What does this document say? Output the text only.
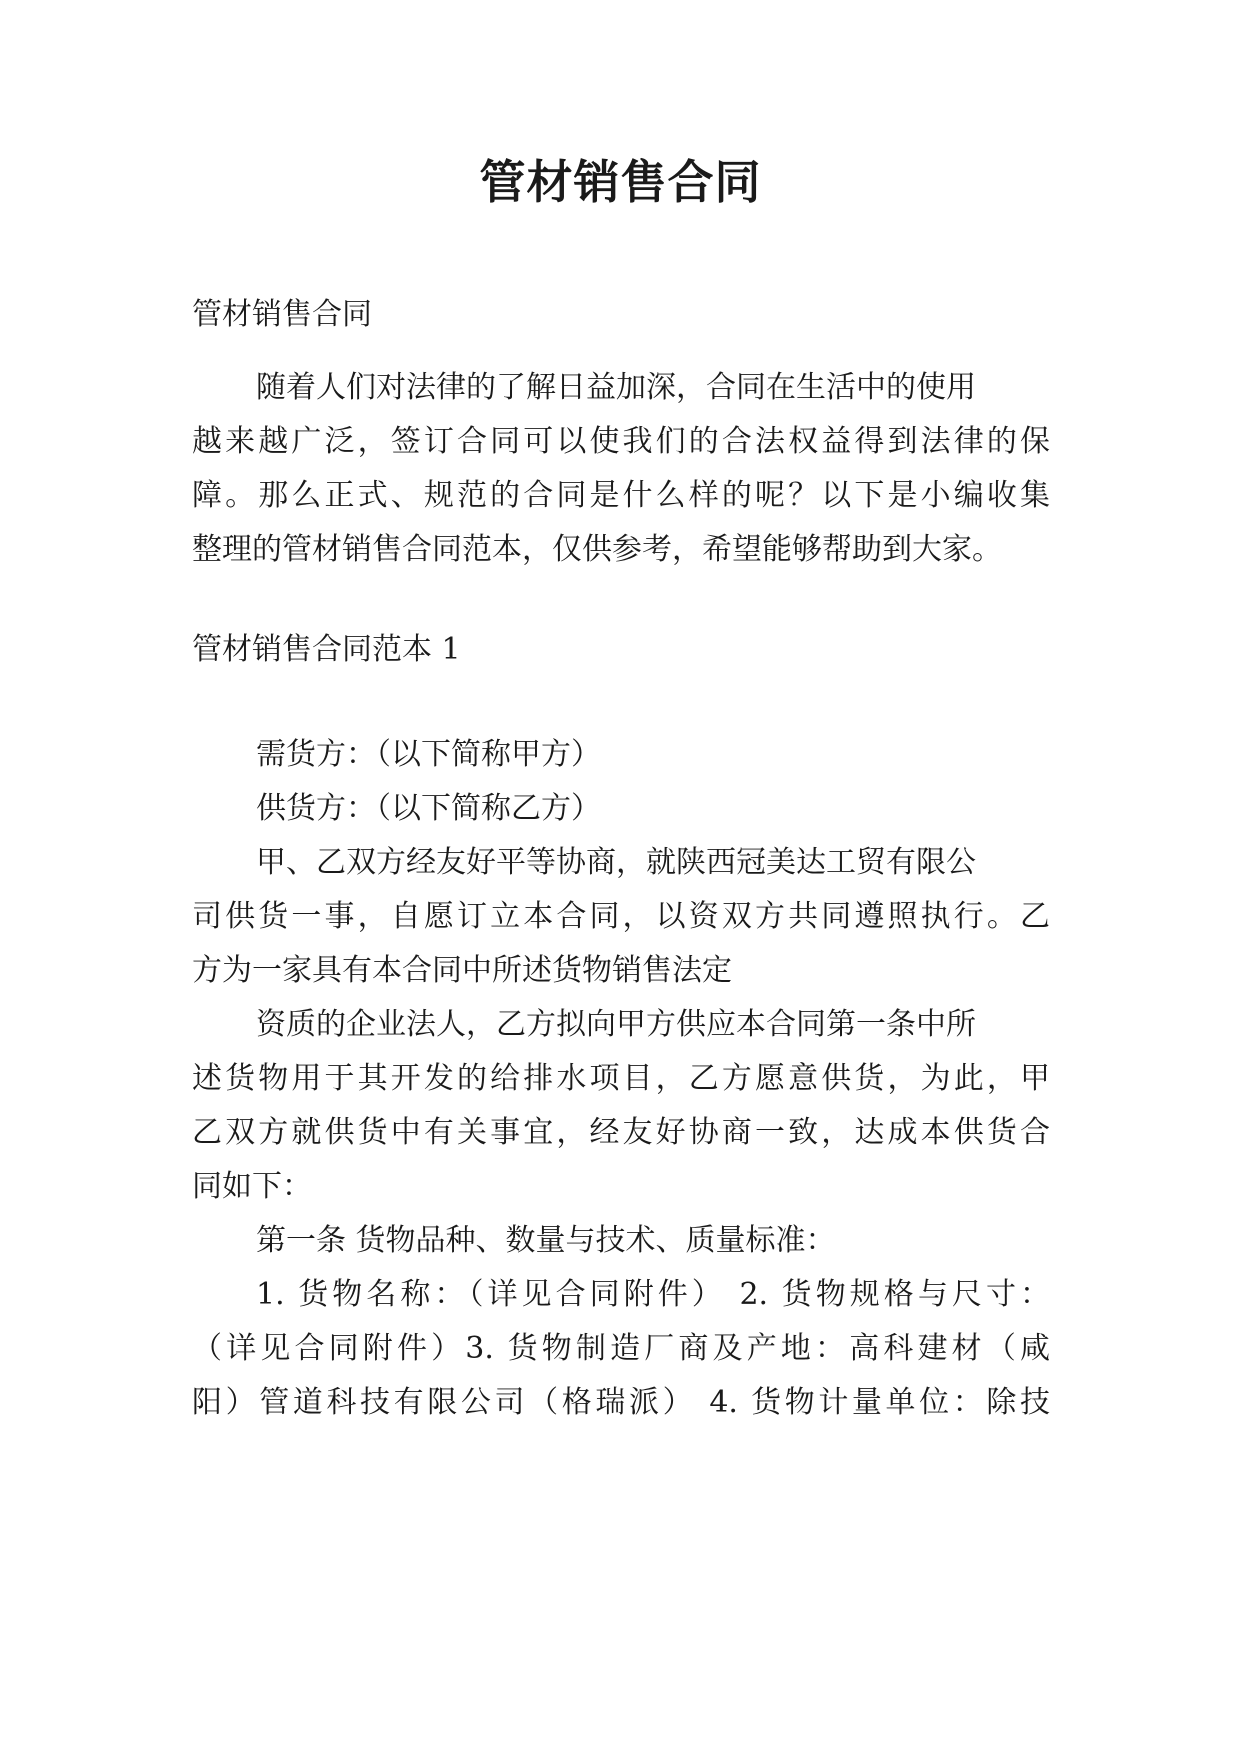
管材销售合同

管材销售合同

随着人们对法律的了解日益加深，合同在生活中的使用

越来越广泛，签订合同可以使我们的合法权益得到法律的保

障。那么正式、规范的合同是什么样的呢？以下是小编收集

整理的管材销售合同范本，仅供参考，希望能够帮助到大家。

管材销售合同范本 1

需货方：（以下简称甲方）

供货方：（以下简称乙方）

甲、乙双方经友好平等协商，就陕西冠美达工贸有限公

司供货一事，自愿订立本合同，以资双方共同遵照执行。乙

方为一家具有本合同中所述货物销售法定

资质的企业法人，乙方拟向甲方供应本合同第一条中所

述货物用于其开发的给排水项目，乙方愿意供货，为此，甲

乙双方就供货中有关事宜，经友好协商一致，达成本供货合

同如下：

第一条 货物品种、数量与技术、质量标准：

1. 货物名称：（详见合同附件） 2. 货物规格与尺寸：

（详见合同附件）3. 货物制造厂商及产地：高科建材（咸

阳）管道科技有限公司（格瑞派） 4. 货物计量单位：除技
